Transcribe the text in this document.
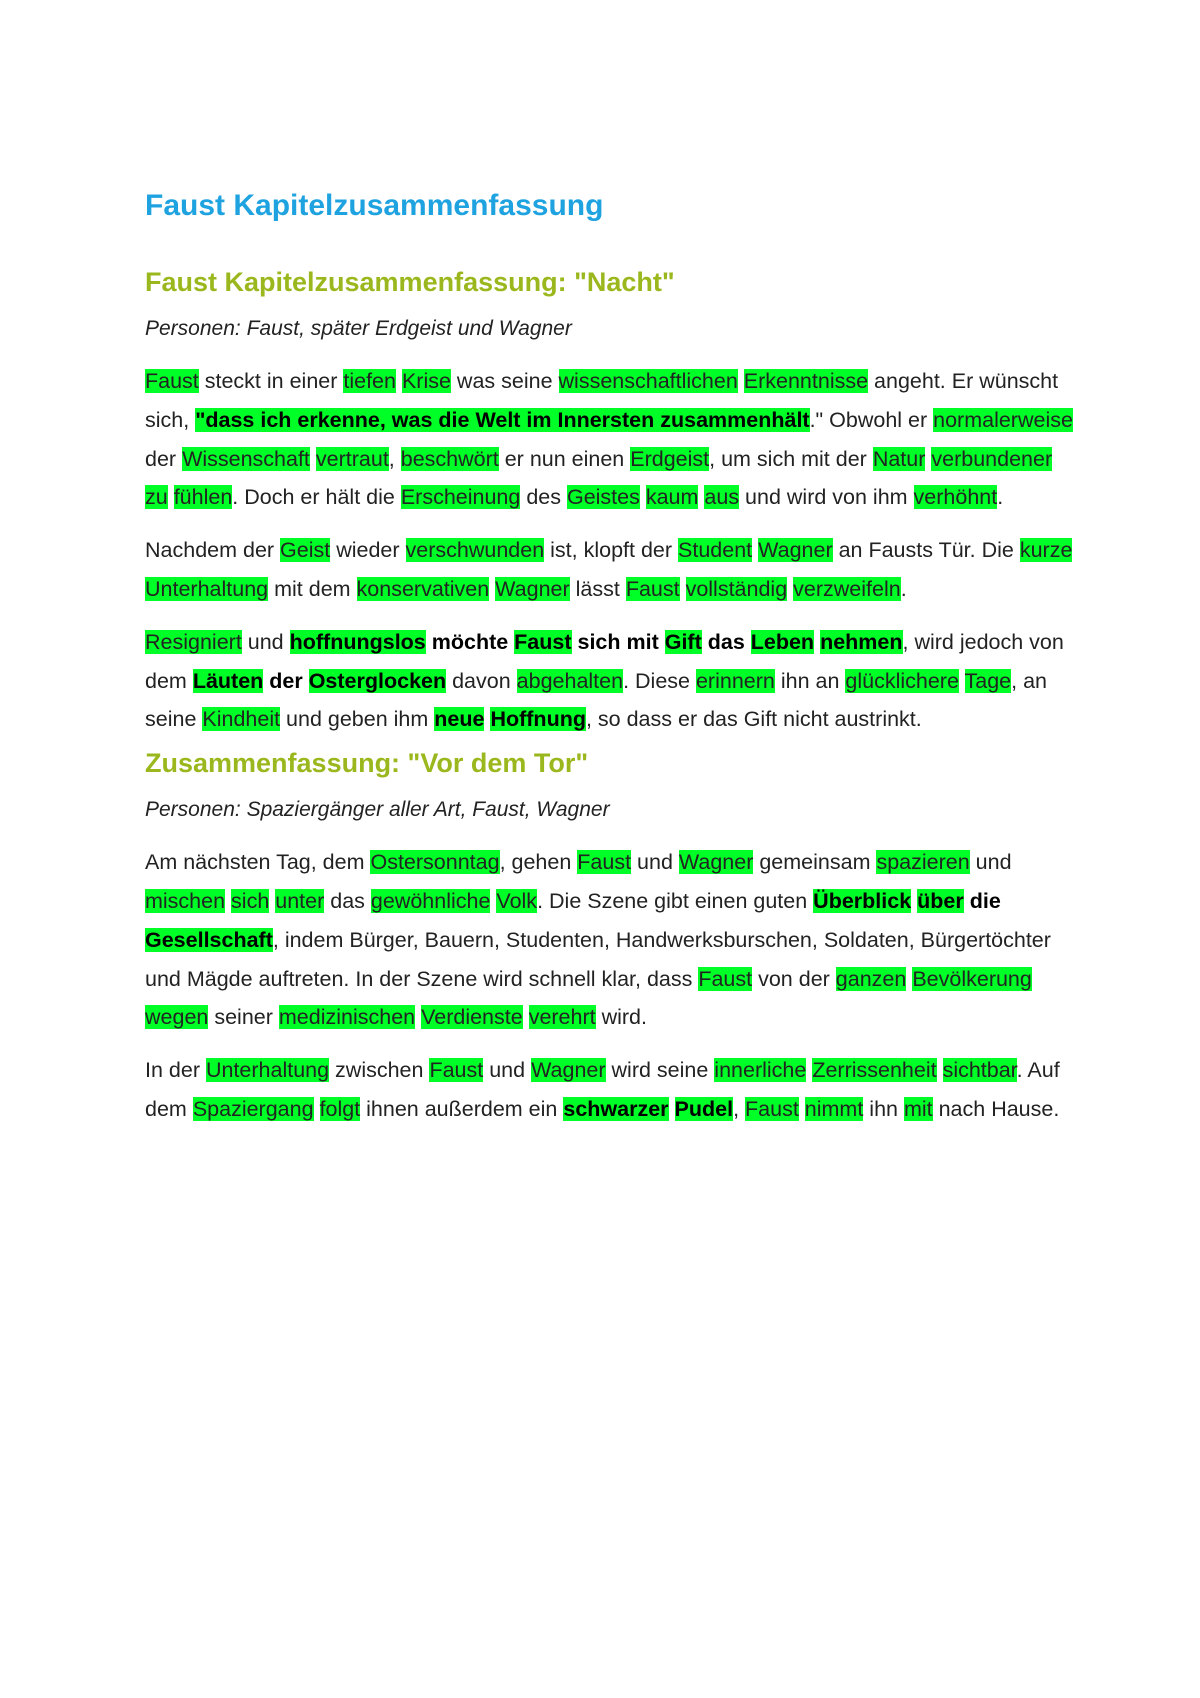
Faust Kapitelzusammenfassung
Faust Kapitelzusammenfassung: "Nacht"

Personen: Faust, später Erdgeist und Wagner

Faust steckt in einer tiefen Krise was seine wissenschaftlichen Erkenntnisse angeht. Er wünscht sich, "dass ich erkenne, was die Welt im Innersten zusammenhält." Obwohl er normalerweise der Wissenschaft vertraut, beschwört er nun einen Erdgeist, um sich mit der Natur verbundener zu fühlen. Doch er hält die Erscheinung des Geistes kaum aus und wird von ihm verhöhnt.

Nachdem der Geist wieder verschwunden ist, klopft der Student Wagner an Fausts Tür. Die kurze Unterhaltung mit dem konservativen Wagner lässt Faust vollständig verzweifeln.

Resigniert und hoffnungslos möchte Faust sich mit Gift das Leben nehmen, wird jedoch von dem Läuten der Osterglocken davon abgehalten. Diese erinnern ihn an glücklichere Tage, an seine Kindheit und geben ihm neue Hoffnung, so dass er das Gift nicht austrinkt.

Zusammenfassung: "Vor dem Tor"

Personen: Spaziergänger aller Art, Faust, Wagner

Am nächsten Tag, dem Ostersonntag, gehen Faust und Wagner gemeinsam spazieren und mischen sich unter das gewöhnliche Volk. Die Szene gibt einen guten Überblick über die Gesellschaft, indem Bürger, Bauern, Studenten, Handwerksburschen, Soldaten, Bürgertöchter und Mägde auftreten. In der Szene wird schnell klar, dass Faust von der ganzen Bevölkerung wegen seiner medizinischen Verdienste verehrt wird.

In der Unterhaltung zwischen Faust und Wagner wird seine innerliche Zerrissenheit sichtbar. Auf dem Spaziergang folgt ihnen außerdem ein schwarzer Pudel, Faust nimmt ihn mit nach Hause.
